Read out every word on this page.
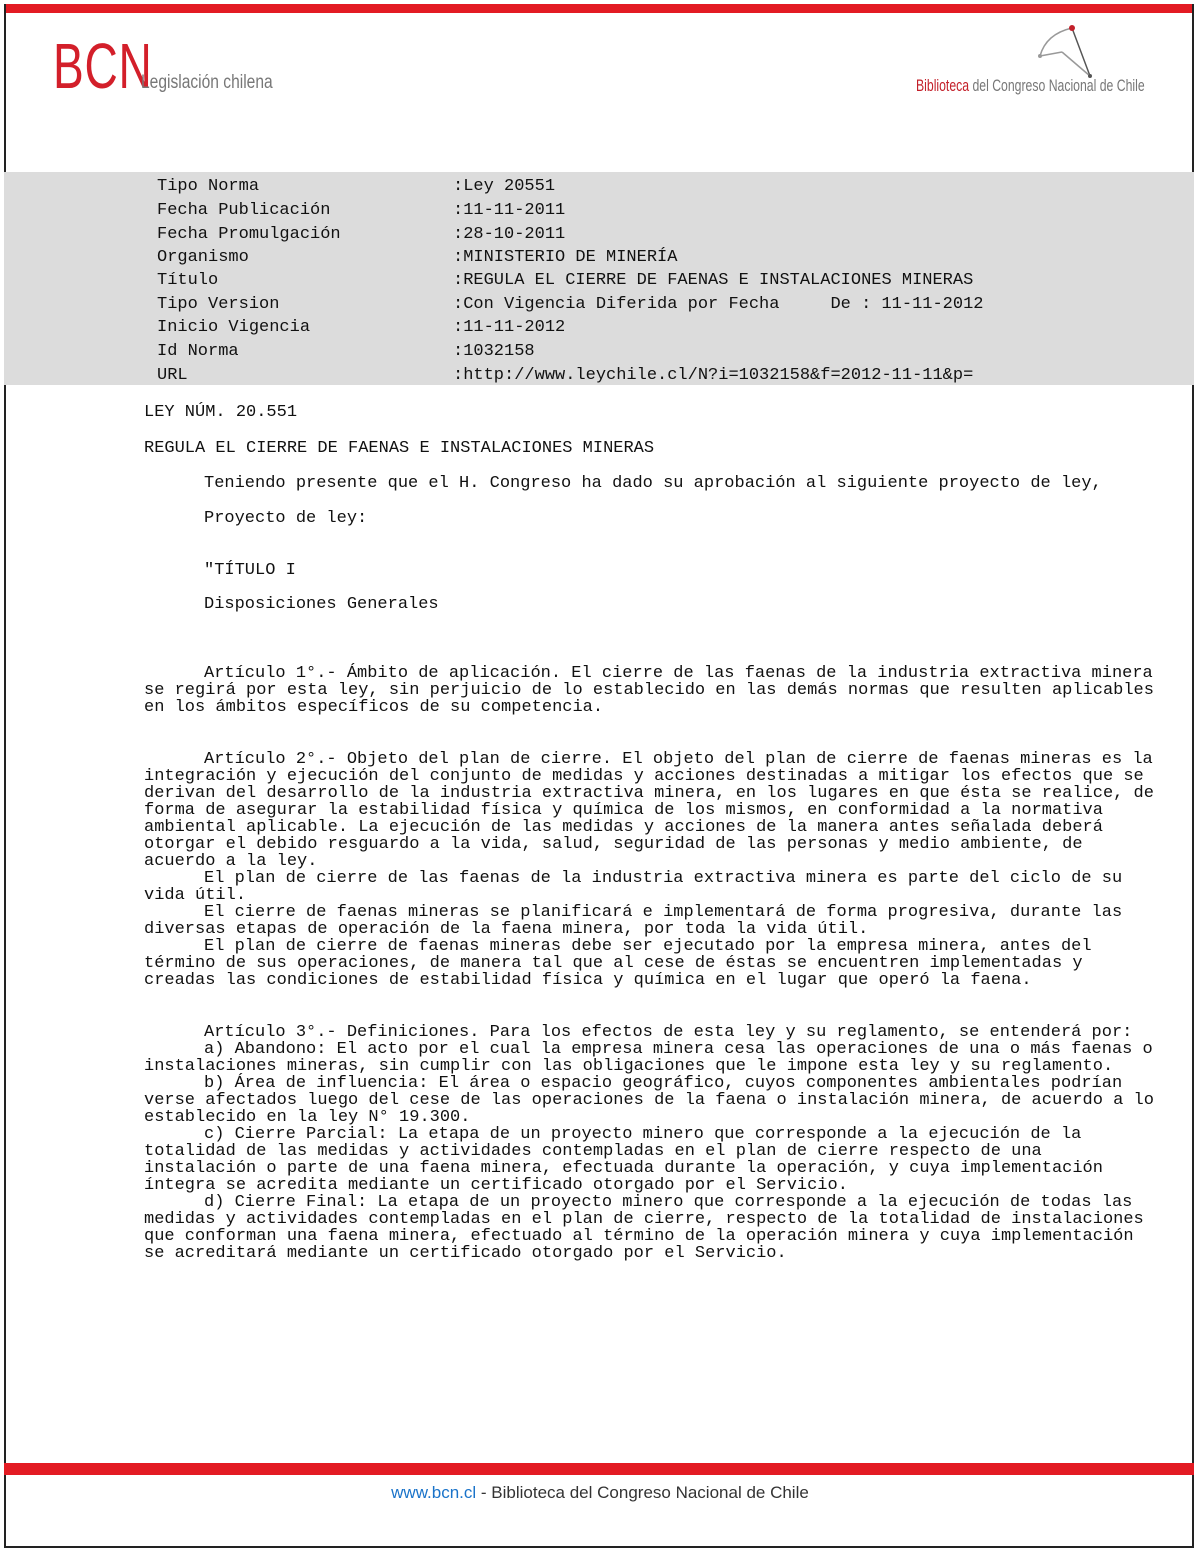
BCN
Legislación chilena	Biblioteca del Congreso Nacional de Chile
Tipo Norma	:Ley 20551
Fecha Publicación	:11-11-2011
Fecha Promulgación	:28-10-2011
Organismo	:MINISTERIO DE MINERÍA
Título	:REGULA EL CIERRE DE FAENAS E INSTALACIONES MINERAS
Tipo Version	:Con Vigencia Diferida por Fecha     De : 11-11-2012
Inicio Vigencia	:11-11-2012
Id Norma	:1032158
URL	:http://www.leychile.cl/N?i=1032158&f=2012-11-11&p=

LEY NÚM. 20.551

REGULA EL CIERRE DE FAENAS E INSTALACIONES MINERAS

Teniendo presente que el H. Congreso ha dado su aprobación al siguiente proyecto de ley,

Proyecto de ley:

"TÍTULO I

Disposiciones Generales

Artículo 1°.- Ámbito de aplicación. El cierre de las faenas de la industria extractiva minera se regirá por esta ley, sin perjuicio de lo establecido en las demás normas que resulten aplicables en los ámbitos específicos de su competencia.

Artículo 2°.- Objeto del plan de cierre. El objeto del plan de cierre de faenas mineras es la integración y ejecución del conjunto de medidas y acciones destinadas a mitigar los efectos que se derivan del desarrollo de la industria extractiva minera, en los lugares en que ésta se realice, de forma de asegurar la estabilidad física y química de los mismos, en conformidad a la normativa ambiental aplicable. La ejecución de las medidas y acciones de la manera antes señalada deberá otorgar el debido resguardo a la vida, salud, seguridad de las personas y medio ambiente, de acuerdo a la ley.

El plan de cierre de las faenas de la industria extractiva minera es parte del ciclo de su vida útil.

El cierre de faenas mineras se planificará e implementará de forma progresiva, durante las diversas etapas de operación de la faena minera, por toda la vida útil.

El plan de cierre de faenas mineras debe ser ejecutado por la empresa minera, antes del término de sus operaciones, de manera tal que al cese de éstas se encuentren implementadas y creadas las condiciones de estabilidad física y química en el lugar que operó la faena.

Artículo 3°.- Definiciones. Para los efectos de esta ley y su reglamento, se entenderá por:

a) Abandono: El acto por el cual la empresa minera cesa las operaciones de una o más faenas o instalaciones mineras, sin cumplir con las obligaciones que le impone esta ley y su reglamento.

b) Área de influencia: El área o espacio geográfico, cuyos componentes ambientales podrían verse afectados luego del cese de las operaciones de la faena o instalación minera, de acuerdo a lo establecido en la ley N° 19.300.

c) Cierre Parcial: La etapa de un proyecto minero que corresponde a la ejecución de la totalidad de las medidas y actividades contempladas en el plan de cierre respecto de una instalación o parte de una faena minera, efectuada durante la operación, y cuya implementación íntegra se acredita mediante un certificado otorgado por el Servicio.

d) Cierre Final: La etapa de un proyecto minero que corresponde a la ejecución de todas las medidas y actividades contempladas en el plan de cierre, respecto de la totalidad de instalaciones que conforman una faena minera, efectuado al término de la operación minera y cuya implementación se acreditará mediante un certificado otorgado por el Servicio.

www.bcn.cl - Biblioteca del Congreso Nacional de Chile
